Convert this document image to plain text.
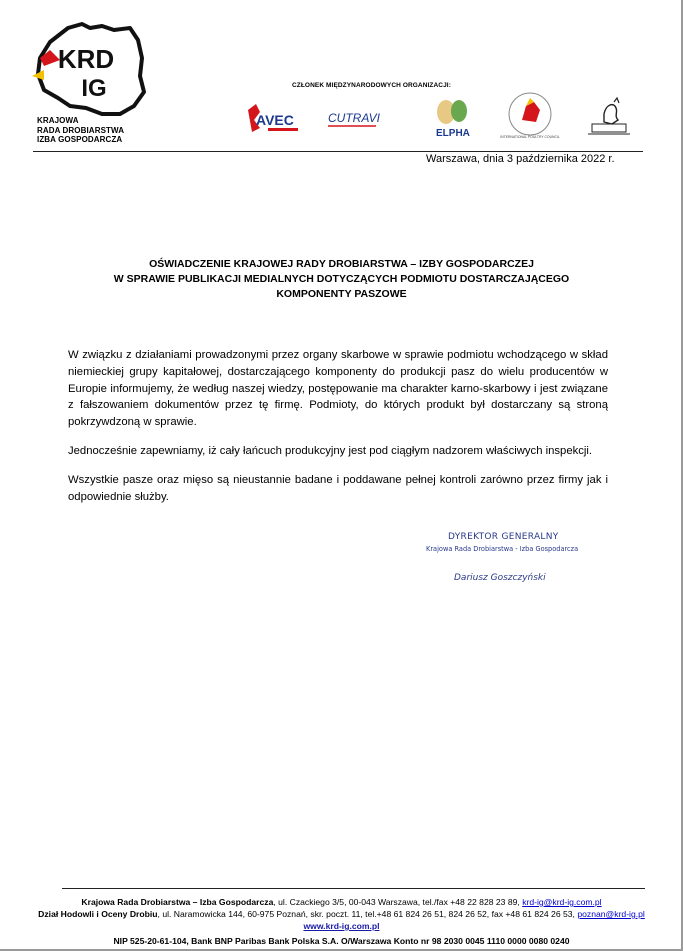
KRD
IG
KRAJOWA
RADA DROBIARSTWA
IZBA GOSPODARCZA
CZŁONEK MIĘDZYNARODOWYCH ORGANIZACJI:
AVEC	CUTRAVI
ELPHA	INTERNATIONAL POULTRY COUNCIL
Warszawa, dnia 3 października 2022 r.
OŚWIADCZENIE KRAJOWEJ RADY DROBIARSTWA – IZBY GOSPODARCZEJ
W SPRAWIE PUBLIKACJI MEDIALNYCH DOTYCZĄCYCH PODMIOTU DOSTARCZAJĄCEGO
KOMPONENTY PASZOWE

W związku z działaniami prowadzonymi przez organy skarbowe w sprawie podmiotu wchodzącego w skład niemieckiej grupy kapitałowej, dostarczającego komponenty do produkcji pasz do wielu producentów w Europie informujemy, że według naszej wiedzy, postępowanie ma charakter karno-skarbowy i jest związane z fałszowaniem dokumentów przez tę firmę. Podmioty, do których produkt był dostarczany są stroną pokrzywdzoną w sprawie.

Jednocześnie zapewniamy, iż cały łańcuch produkcyjny jest pod ciągłym nadzorem właściwych inspekcji.

Wszystkie pasze oraz mięso są nieustannie badane i poddawane pełnej kontroli zarówno przez firmy jak i odpowiednie służby.

DYREKTOR GENERALNY
Krajowa Rada Drobiarstwa - Izba Gospodarcza
Dariusz Goszczyński
Krajowa Rada Drobiarstwa – Izba Gospodarcza, ul. Czackiego 3/5, 00-043 Warszawa, tel./fax +48 22 828 23 89, krd-ig@krd-ig.com.pl
Dział Hodowli i Oceny Drobiu, ul. Naramowicka 144, 60-975 Poznań, skr. poczt. 11, tel.+48 61 824 26 51, 824 26 52, fax +48 61 824 26 53, poznan@krd-ig.pl
www.krd-ig.com.pl
NIP 525-20-61-104, Bank BNP Paribas Bank Polska S.A. O/Warszawa Konto nr 98 2030 0045 1110 0000 0080 0240
